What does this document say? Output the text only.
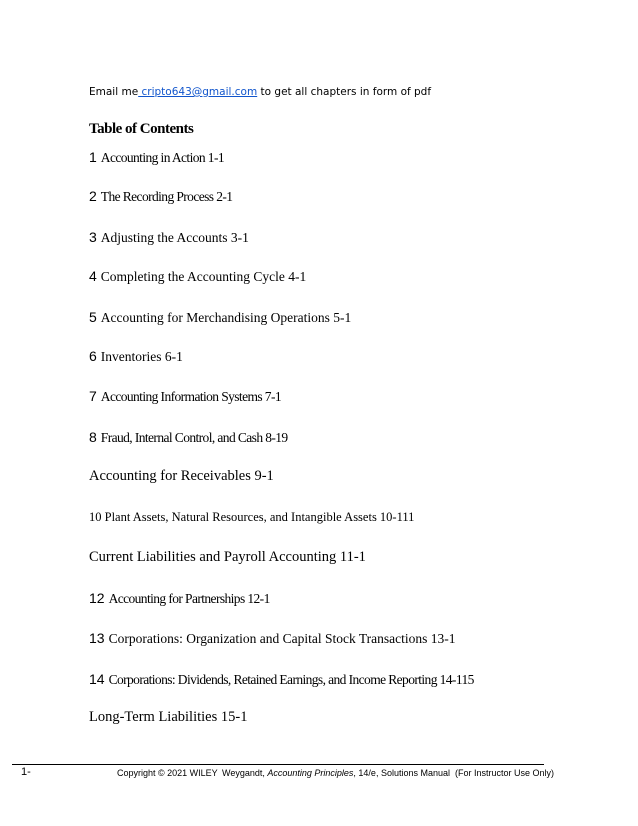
Email me cripto643@gmail.com to get all chapters in form of pdf
Table of Contents
1 Accounting in Action 1-1
2 The Recording Process 2-1
3 Adjusting the Accounts 3-1
4 Completing the Accounting Cycle 4-1
5 Accounting for Merchandising Operations 5-1
6 Inventories 6-1
7 Accounting Information Systems 7-1
8 Fraud, Internal Control, and Cash 8-19
Accounting for Receivables 9-1
10 Plant Assets, Natural Resources, and Intangible Assets 10-111
Current Liabilities and Payroll Accounting 11-1
12 Accounting for Partnerships 12-1
13 Corporations: Organization and Capital Stock Transactions 13-1
14 Corporations: Dividends, Retained Earnings, and Income Reporting 14-115
Long-Term Liabilities 15-1
1-	Copyright © 2021 WILEY Weygandt, Accounting Principles, 14/e, Solutions Manual (For Instructor Use Only)
